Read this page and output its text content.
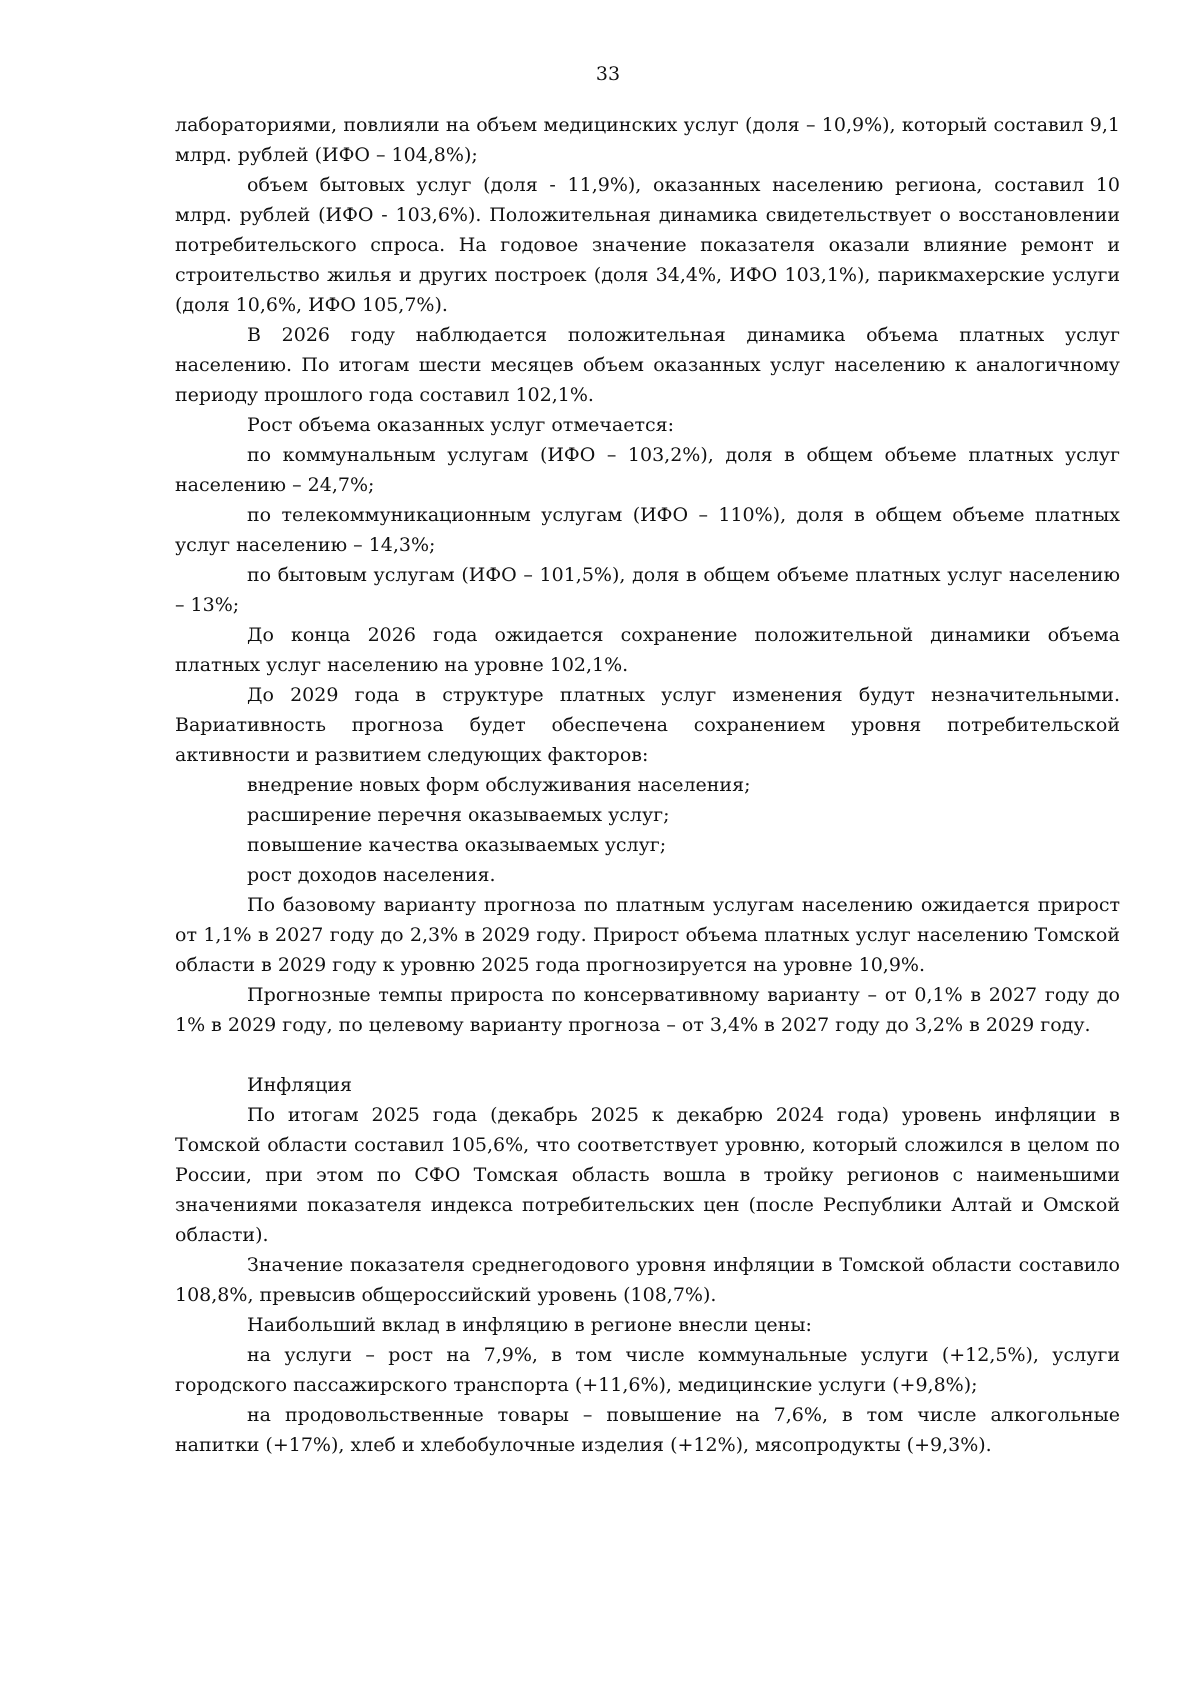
33

лабораториями, повлияли на объем медицинских услуг (доля – 10,9%), который составил 9,1 млрд. рублей (ИФО – 104,8%);

объем бытовых услуг (доля - 11,9%), оказанных населению региона, составил 10 млрд. рублей (ИФО - 103,6%). Положительная динамика свидетельствует о восстановлении потребительского спроса. На годовое значение показателя оказали влияние ремонт и строительство жилья и других построек (доля 34,4%, ИФО 103,1%), парикмахерские услуги (доля 10,6%, ИФО 105,7%).

В 2026 году наблюдается положительная динамика объема платных услуг населению. По итогам шести месяцев объем оказанных услуг населению к аналогичному периоду прошлого года составил 102,1%.

Рост объема оказанных услуг отмечается:

по коммунальным услугам (ИФО – 103,2%), доля в общем объеме платных услуг населению – 24,7%;

по телекоммуникационным услугам (ИФО – 110%), доля в общем объеме платных услуг населению – 14,3%;

по бытовым услугам (ИФО – 101,5%), доля в общем объеме платных услуг населению – 13%;

До конца 2026 года ожидается сохранение положительной динамики объема платных услуг населению на уровне 102,1%.

До 2029 года в структуре платных услуг изменения будут незначительными. Вариативность прогноза будет обеспечена сохранением уровня потребительской активности и развитием следующих факторов:

внедрение новых форм обслуживания населения;

расширение перечня оказываемых услуг;

повышение качества оказываемых услуг;

рост доходов населения.

По базовому варианту прогноза по платным услугам населению ожидается прирост от 1,1% в 2027 году до 2,3% в 2029 году. Прирост объема платных услуг населению Томской области в 2029 году к уровню 2025 года прогнозируется на уровне 10,9%.

Прогнозные темпы прироста по консервативному варианту – от 0,1% в 2027 году до 1% в 2029 году, по целевому варианту прогноза – от 3,4% в 2027 году до 3,2% в 2029 году.

Инфляция

По итогам 2025 года (декабрь 2025 к декабрю 2024 года) уровень инфляции в Томской области составил 105,6%, что соответствует уровню, который сложился в целом по России, при этом по СФО Томская область вошла в тройку регионов с наименьшими значениями показателя индекса потребительских цен (после Республики Алтай и Омской области).

Значение показателя среднегодового уровня инфляции в Томской области составило 108,8%, превысив общероссийский уровень (108,7%).

Наибольший вклад в инфляцию в регионе внесли цены:

на услуги – рост на 7,9%, в том числе коммунальные услуги (+12,5%), услуги городского пассажирского транспорта (+11,6%), медицинские услуги (+9,8%);

на продовольственные товары – повышение на 7,6%, в том числе алкогольные напитки (+17%), хлеб и хлебобулочные изделия (+12%), мясопродукты (+9,3%).
